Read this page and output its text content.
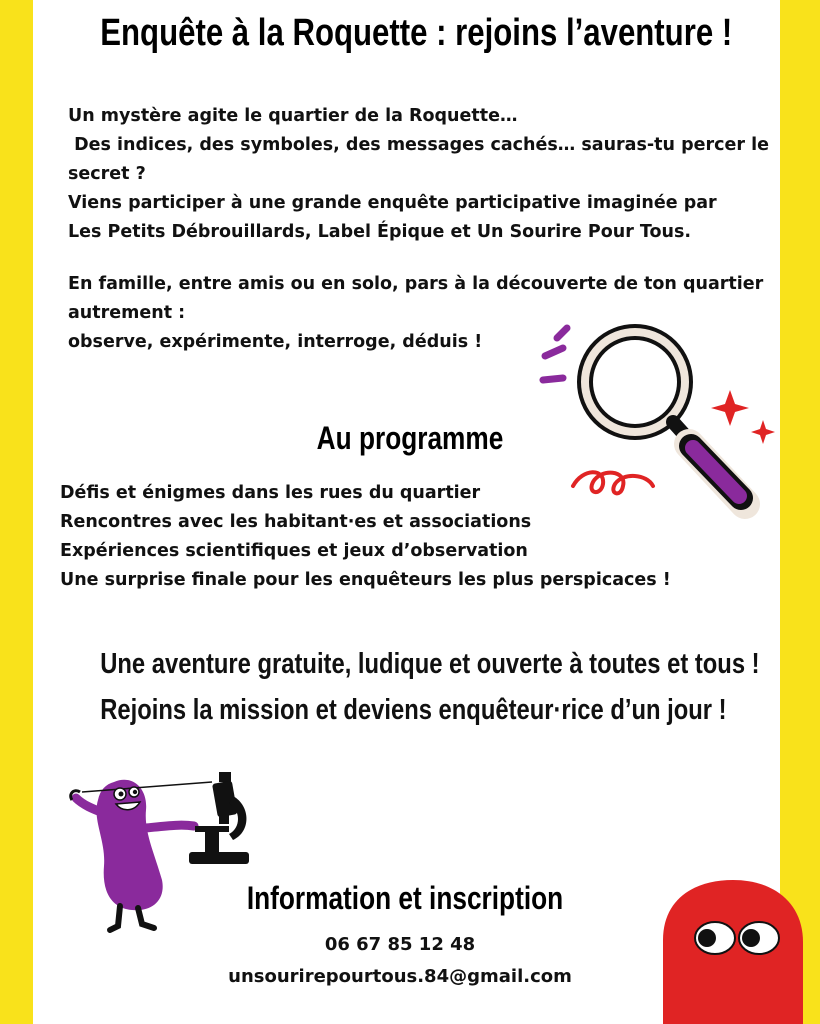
Enquête à la Roquette : rejoins l’aventure !
Un mystère agite le quartier de la Roquette…
Des indices, des symboles, des messages cachés… sauras-tu percer le
secret ?
Viens participer à une grande enquête participative imaginée par
Les Petits Débrouillards, Label Épique et Un Sourire Pour Tous.
En famille, entre amis ou en solo, pars à la découverte de ton quartier
autrement :
observe, expérimente, interroge, déduis !
Au programme
Défis et énigmes dans les rues du quartier
Rencontres avec les habitant·es et associations
Expériences scientifiques et jeux d’observation
Une surprise finale pour les enquêteurs les plus perspicaces !
Une aventure gratuite, ludique et ouverte à toutes et tous !
Rejoins la mission et deviens enquêteur·rice d’un jour !
Information et inscription
06 67 85 12 48
unsourirepourtous.84@gmail.com
